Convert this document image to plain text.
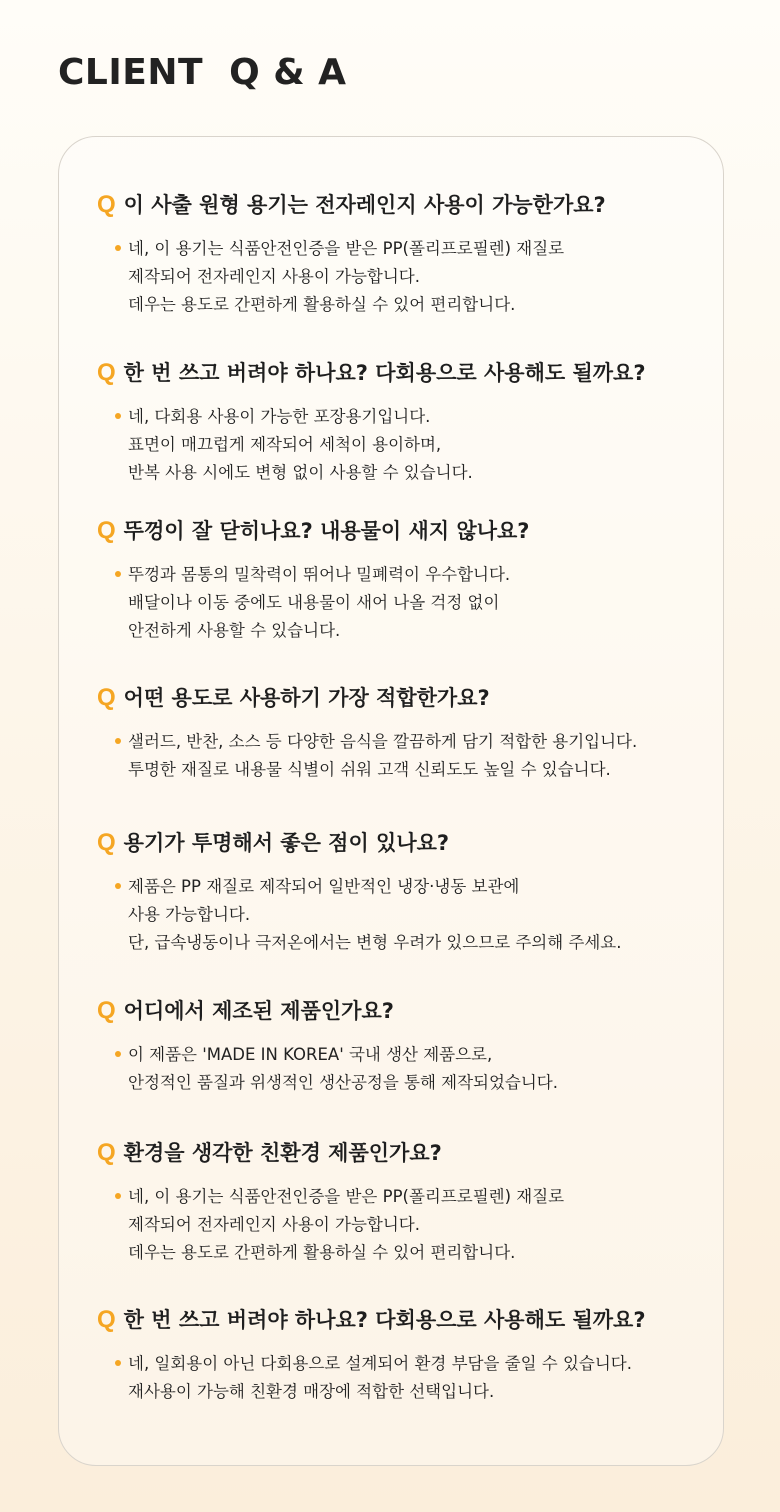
CLIENT  Q & A
Q 이 사출 원형 용기는 전자레인지 사용이 가능한가요?
네, 이 용기는 식품안전인증을 받은 PP(폴리프로필렌) 재질로
제작되어 전자레인지 사용이 가능합니다.
데우는 용도로 간편하게 활용하실 수 있어 편리합니다.
Q 한 번 쓰고 버려야 하나요? 다회용으로 사용해도 될까요?
네, 다회용 사용이 가능한 포장용기입니다.
표면이 매끄럽게 제작되어 세척이 용이하며,
반복 사용 시에도 변형 없이 사용할 수 있습니다.
Q 뚜껑이 잘 닫히나요? 내용물이 새지 않나요?
뚜껑과 몸통의 밀착력이 뛰어나 밀폐력이 우수합니다.
배달이나 이동 중에도 내용물이 새어 나올 걱정 없이
안전하게 사용할 수 있습니다.
Q 어떤 용도로 사용하기 가장 적합한가요?
샐러드, 반찬, 소스 등 다양한 음식을 깔끔하게 담기 적합한 용기입니다.
투명한 재질로 내용물 식별이 쉬워 고객 신뢰도도 높일 수 있습니다.
Q 용기가 투명해서 좋은 점이 있나요?
제품은 PP 재질로 제작되어 일반적인 냉장·냉동 보관에
사용 가능합니다.
단, 급속냉동이나 극저온에서는 변형 우려가 있으므로 주의해 주세요.
Q 어디에서 제조된 제품인가요?
이 제품은 'MADE IN KOREA' 국내 생산 제품으로,
안정적인 품질과 위생적인 생산공정을 통해 제작되었습니다.
Q 환경을 생각한 친환경 제품인가요?
네, 이 용기는 식품안전인증을 받은 PP(폴리프로필렌) 재질로
제작되어 전자레인지 사용이 가능합니다.
데우는 용도로 간편하게 활용하실 수 있어 편리합니다.
Q 한 번 쓰고 버려야 하나요? 다회용으로 사용해도 될까요?
네, 일회용이 아닌 다회용으로 설계되어 환경 부담을 줄일 수 있습니다.
재사용이 가능해 친환경 매장에 적합한 선택입니다.
